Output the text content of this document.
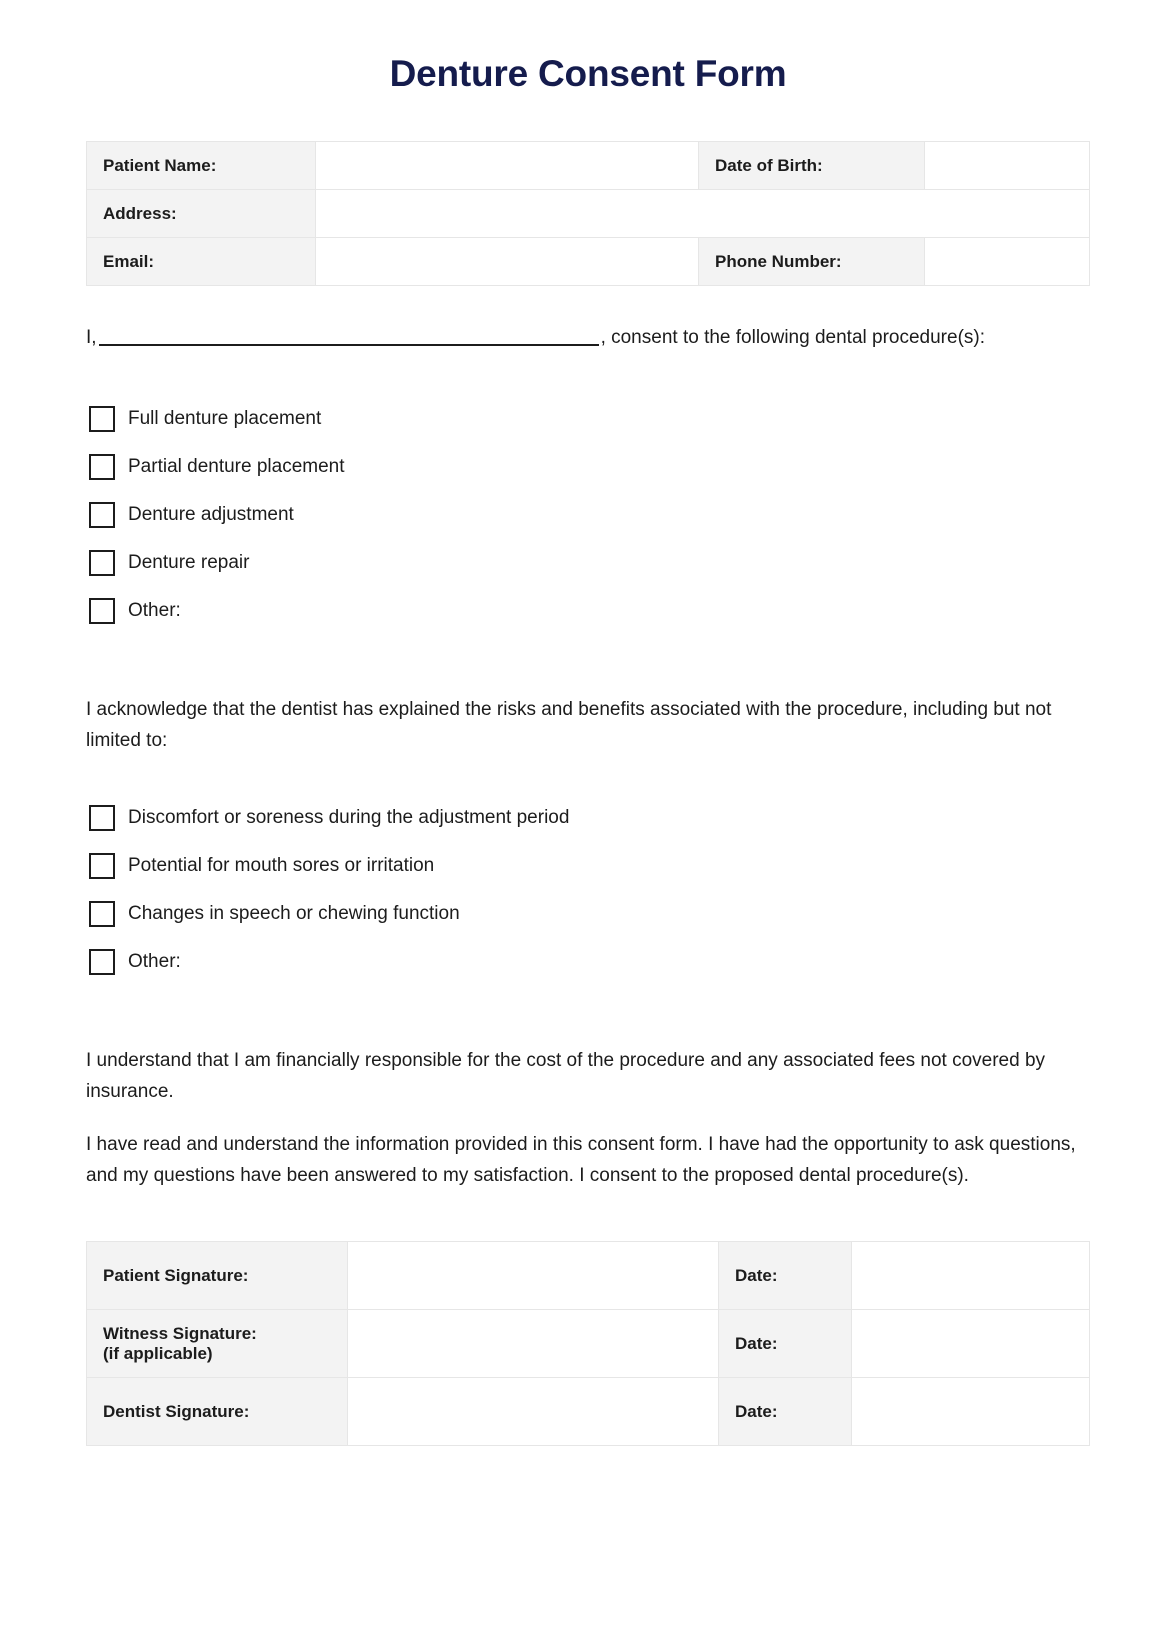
Denture Consent Form
Patient Name:		Date of Birth:	
Address:			
Email:		Phone Number:	
I,	, consent to the following dental procedure(s):
Full denture placement
Partial denture placement
Denture adjustment
Denture repair
Other:

I acknowledge that the dentist has explained the risks and benefits associated with the procedure, including but not limited to:

Discomfort or soreness during the adjustment period
Potential for mouth sores or irritation
Changes in speech or chewing function
Other:

I understand that I am financially responsible for the cost of the procedure and any associated fees not covered by insurance.

I have read and understand the information provided in this consent form. I have had the opportunity to ask questions, and my questions have been answered to my satisfaction. I consent to the proposed dental procedure(s).

Patient Signature:		Date:	
Witness Signature:
(if applicable)		Date:	
Dentist Signature:		Date:	
